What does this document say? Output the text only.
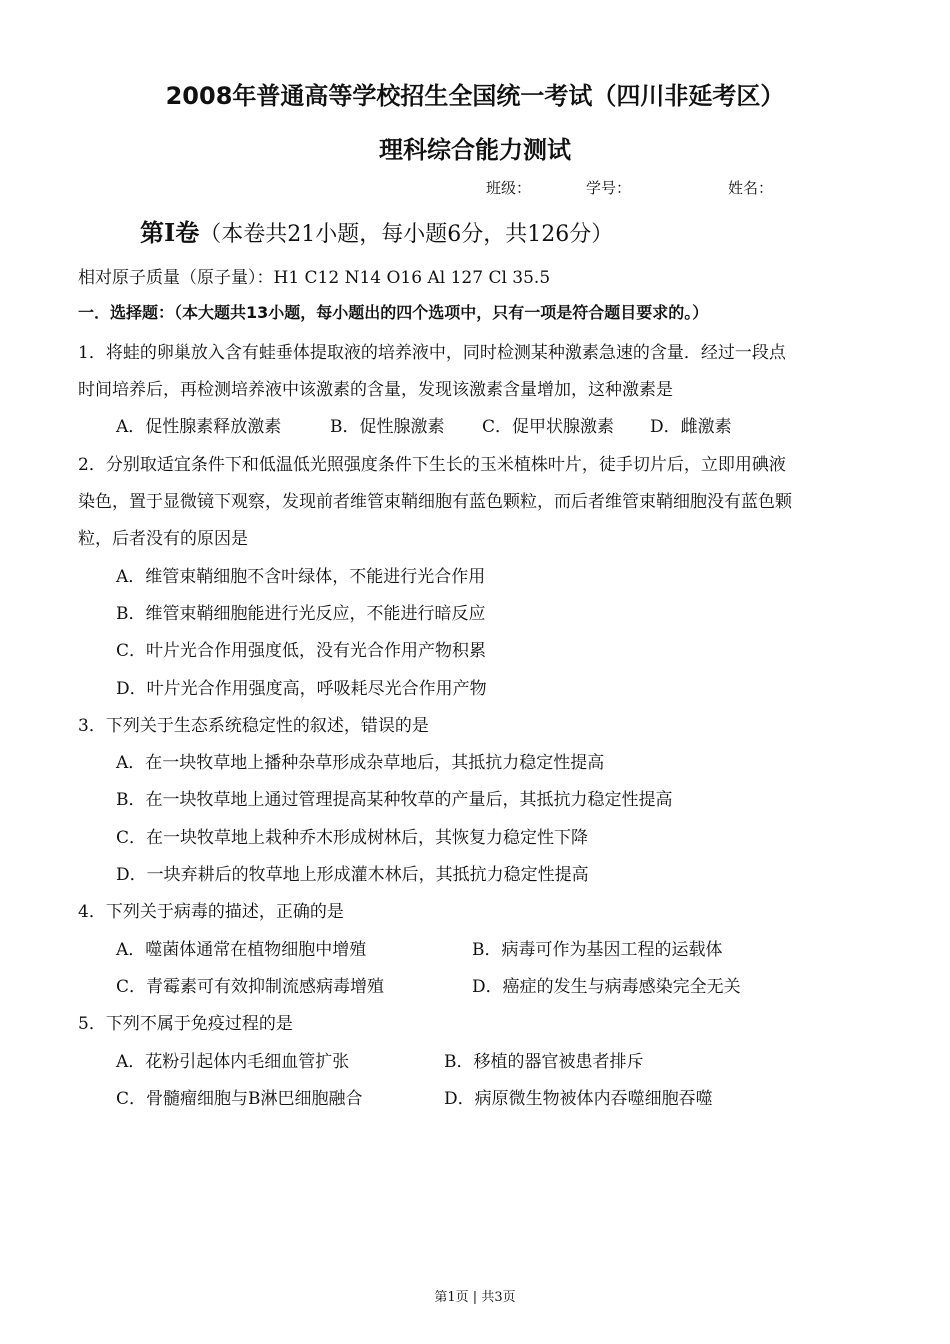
2008年普通高等学校招生全国统一考试（四川非延考区）
理科综合能力测试
班级：	学号：	姓名：
第Ⅰ卷（本卷共21小题，每小题6分，共126分）
相对原子质量（原子量）：H1 C12 N14 O16 Al 127 Cl 35.5
一．选择题：（本大题共13小题，每小题出的四个选项中，只有一项是符合题目要求的。）
1．将蛙的卵巢放入含有蛙垂体提取液的培养液中，同时检测某种激素急速的含量．经过一段点
时间培养后，再检测培养液中该激素的含量，发现该激素含量增加，这种激素是
A．促性腺素释放激素	B．促性腺激素 C．促甲状腺激素 D．雌激素
2．分别取适宜条件下和低温低光照强度条件下生长的玉米植株叶片，徒手切片后，立即用碘液
染色，置于显微镜下观察，发现前者维管束鞘细胞有蓝色颗粒，而后者维管束鞘细胞没有蓝色颗
粒，后者没有的原因是
A．维管束鞘细胞不含叶绿体，不能进行光合作用
B．维管束鞘细胞能进行光反应，不能进行暗反应
C．叶片光合作用强度低，没有光合作用产物积累
D．叶片光合作用强度高，呼吸耗尽光合作用产物
3．下列关于生态系统稳定性的叙述，错误的是
A．在一块牧草地上播种杂草形成杂草地后，其抵抗力稳定性提高
B．在一块牧草地上通过管理提高某种牧草的产量后，其抵抗力稳定性提高
C．在一块牧草地上栽种乔木形成树林后，其恢复力稳定性下降
D．一块弃耕后的牧草地上形成灌木林后，其抵抗力稳定性提高
4．下列关于病毒的描述，正确的是
A．噬菌体通常在植物细胞中增殖	B．病毒可作为基因工程的运载体
C．青霉素可有效抑制流感病毒增殖	D．癌症的发生与病毒感染完全无关
5．下列不属于免疫过程的是
A．花粉引起体内毛细血管扩张	B．移植的器官被患者排斥
C．骨髓瘤细胞与B淋巴细胞融合	D．病原微生物被体内吞噬细胞吞噬
第1页 | 共3页
